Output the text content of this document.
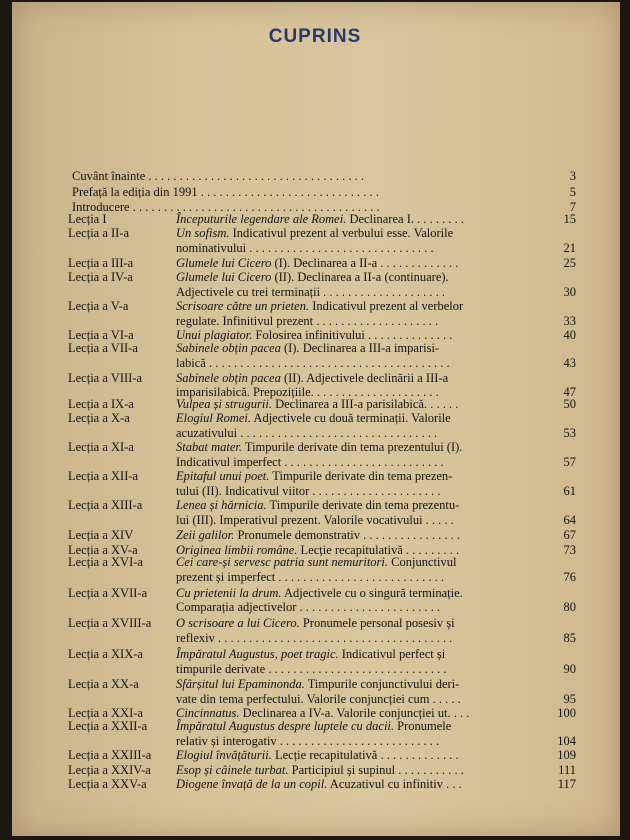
CUPRINS
Cuvânt înainte . . . . . . . . . . . . . . . . . . . . . . . . . . . . . . . . . . .	3
Prefață la ediția din 1991 . . . . . . . . . . . . . . . . . . . . . . . . . . . . .	5
Introducere . . . . . . . . . . . . . . . . . . . . . . . . . . . . . . . . . . . . . . . .	7
Lecția I	Începuturile legendare ale Romei. Declinarea I. . . . . . . . .	15
Lecția a II-a	Un sofism. Indicativul prezent al verbului esse. Valorile
nominativului . . . . . . . . . . . . . . . . . . . . . . . . . . . . . .	21
Lecția a III-a	Glumele lui Cicero (I). Declinarea a II-a . . . . . . . . . . . . .	25
Lecția a IV-a	Glumele lui Cicero (II). Declinarea a II-a (continuare).
Adjectivele cu trei terminații . . . . . . . . . . . . . . . . . . . .	30
Lecția a V-a	Scrisoare către un prieten. Indicativul prezent al verbelor
regulate. Infinitivul prezent . . . . . . . . . . . . . . . . . . . .	33
Lecția a VI-a	Unui plagiator. Folosirea infinitivului . . . . . . . . . . . . . .	40
Lecția a VII-a	Sabinele obțin pacea (I). Declinarea a III-a imparisi-
labică . . . . . . . . . . . . . . . . . . . . . . . . . . . . . . . . . . . . . . .	43
Lecția a VIII-a	Sabinele obțin pacea (II). Adjectivele declinării a III-a
imparisilabică. Prepozițiile. . . . . . . . . . . . . . . . . . . . .	47
Lecția a IX-a	Vulpea și strugurii. Declinarea a III-a parisilabică. . . . . .	50
Lecția a X-a	Elogiul Romei. Adjectivele cu două terminații. Valorile
acuzativului . . . . . . . . . . . . . . . . . . . . . . . . . . . . . . . .	53
Lecția a XI-a	Stabat mater. Timpurile derivate din tema prezentului (I).
Indicativul imperfect . . . . . . . . . . . . . . . . . . . . . . . . . .	57
Lecția a XII-a	Epitaful unui poet. Timpurile derivate din tema prezen-
tului (II). Indicativul viitor . . . . . . . . . . . . . . . . . . . . .	61
Lecția a XIII-a	Lenea și hărnicia. Timpurile derivate din tema prezentu-
lui (III). Imperativul prezent. Valorile vocativului . . . . .	64
Lecția a XIV	Zeii galilor. Pronumele demonstrativ . . . . . . . . . . . . . . . .	67
Lecția a XV-a	Originea limbii române. Lecție recapitulativă . . . . . . . . .	73
Lecția a XVI-a	Cei care-și servesc patria sunt nemuritori. Conjunctivul
prezent și imperfect . . . . . . . . . . . . . . . . . . . . . . . . . . .	76
Lecția a XVII-a Cu prietenii la drum. Adjectivele cu o singură terminație.
Comparația adjectivelor . . . . . . . . . . . . . . . . . . . . . . .	80
Lecția a XVIII-a O scrisoare a lui Cicero. Pronumele personal posesiv și
reflexiv . . . . . . . . . . . . . . . . . . . . . . . . . . . . . . . . . . . . . .	85
Lecția a XIX-a	Împăratul Augustus, poet tragic. Indicativul perfect și
timpurile derivate . . . . . . . . . . . . . . . . . . . . . . . . . . . . .	90
Lecția a XX-a	Sfârșitul lui Epaminonda. Timpurile conjunctivului deri-
vate din tema perfectului. Valorile conjuncției cum . . . . .	95
Lecția a XXI-a	Cincinnatus. Declinarea a IV-a. Valorile conjuncției ut. . . .	100
Lecția a XXII-a Împăratul Augustus despre luptele cu dacii. Pronumele
relativ și interogativ . . . . . . . . . . . . . . . . . . . . . . . . . .	104
Lecția a XXIII-a Elogiul învățăturii. Lecție recapitulativă . . . . . . . . . . . . .	109
Lecția a XXIV-a Esop și câinele turbat. Participiul și supinul . . . . . . . . . . .	111
Lecția a XXV-a Diogene învață de la un copil. Acuzativul cu infinitiv . . .	117
